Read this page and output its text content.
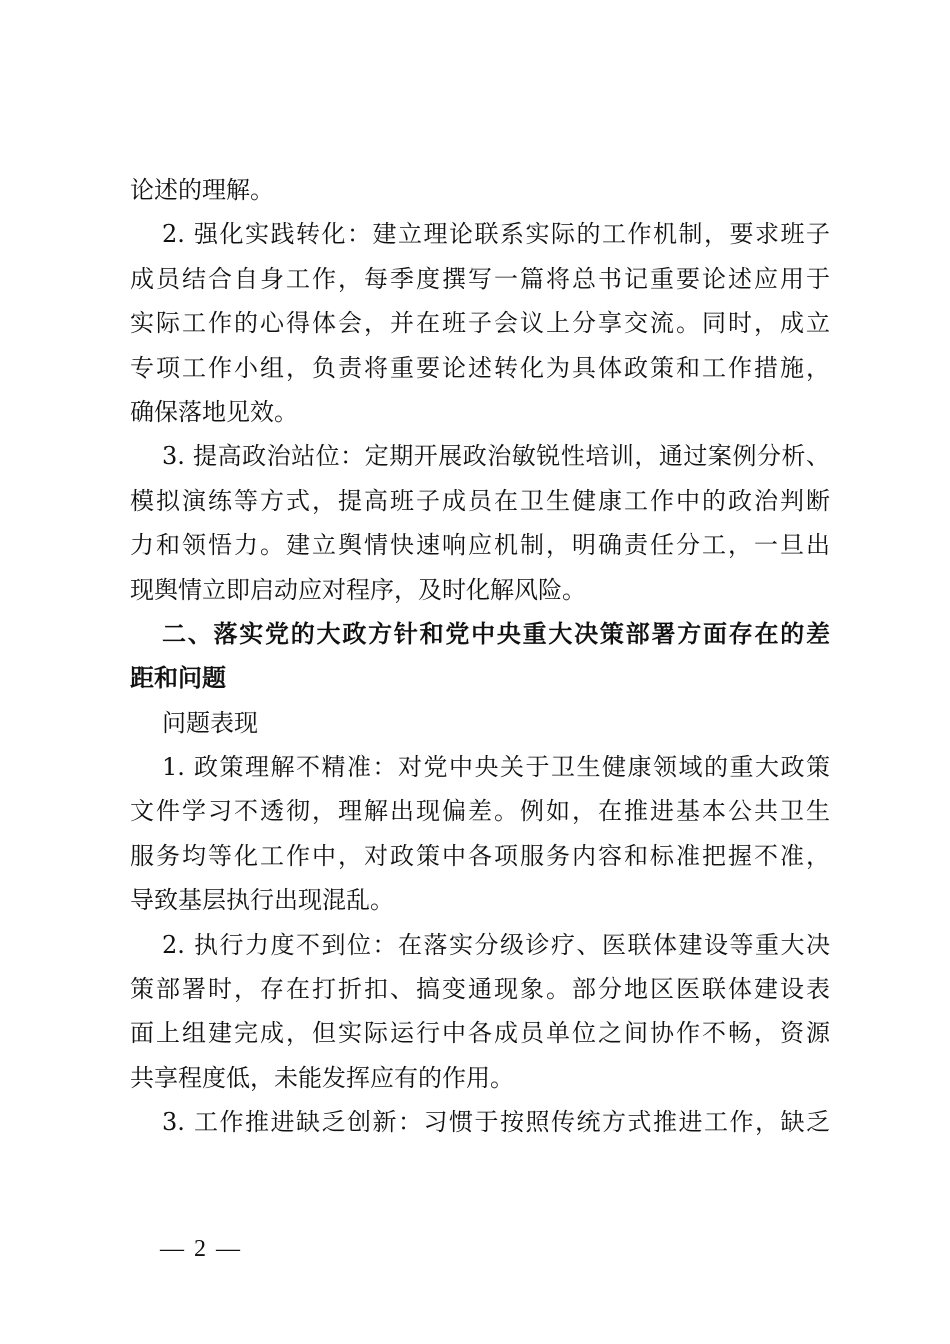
论述的理解。
2. 强化实践转化：建立理论联系实际的工作机制，要求班子
成员结合自身工作，每季度撰写一篇将总书记重要论述应用于
实际工作的心得体会，并在班子会议上分享交流。同时，成立
专项工作小组，负责将重要论述转化为具体政策和工作措施，
确保落地见效。
3. 提高政治站位：定期开展政治敏锐性培训，通过案例分析、
模拟演练等方式，提高班子成员在卫生健康工作中的政治判断
力和领悟力。建立舆情快速响应机制，明确责任分工，一旦出
现舆情立即启动应对程序，及时化解风险。
二、落实党的大政方针和党中央重大决策部署方面存在的差
距和问题
问题表现
1. 政策理解不精准：对党中央关于卫生健康领域的重大政策
文件学习不透彻，理解出现偏差。例如，在推进基本公共卫生
服务均等化工作中，对政策中各项服务内容和标准把握不准，
导致基层执行出现混乱。
2. 执行力度不到位：在落实分级诊疗、医联体建设等重大决
策部署时，存在打折扣、搞变通现象。部分地区医联体建设表
面上组建完成，但实际运行中各成员单位之间协作不畅，资源
共享程度低，未能发挥应有的作用。
3. 工作推进缺乏创新：习惯于按照传统方式推进工作，缺乏
— 2 —
